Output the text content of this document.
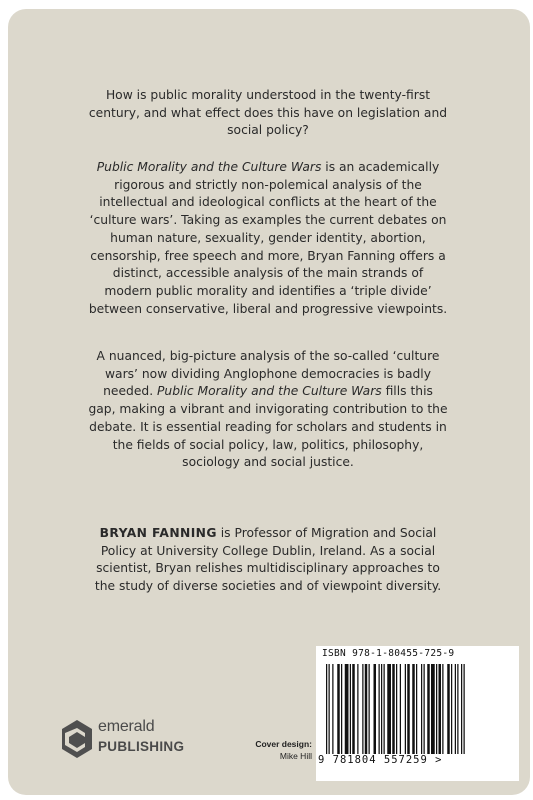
How is public morality understood in the twenty-first century, and what effect does this have on legislation and social policy?

Public Morality and the Culture Wars is an academically rigorous and strictly non-polemical analysis of the intellectual and ideological conflicts at the heart of the ‘culture wars’. Taking as examples the current debates on human nature, sexuality, gender identity, abortion, censorship, free speech and more, Bryan Fanning offers a distinct, accessible analysis of the main strands of modern public morality and identifies a ‘triple divide’ between conservative, liberal and progressive viewpoints.

A nuanced, big-picture analysis of the so-called ‘culture wars’ now dividing Anglophone democracies is badly needed. Public Morality and the Culture Wars fills this gap, making a vibrant and invigorating contribution to the debate. It is essential reading for scholars and students in the fields of social policy, law, politics, philosophy, sociology and social justice.

BRYAN FANNING is Professor of Migration and Social Policy at University College Dublin, Ireland. As a social scientist, Bryan relishes multidisciplinary approaches to the study of diverse societies and of viewpoint diversity.

emerald
PUBLISHING	Cover design:
Mike Hill
ISBN 978-1-80455-725-9
9 781804 557259 >
